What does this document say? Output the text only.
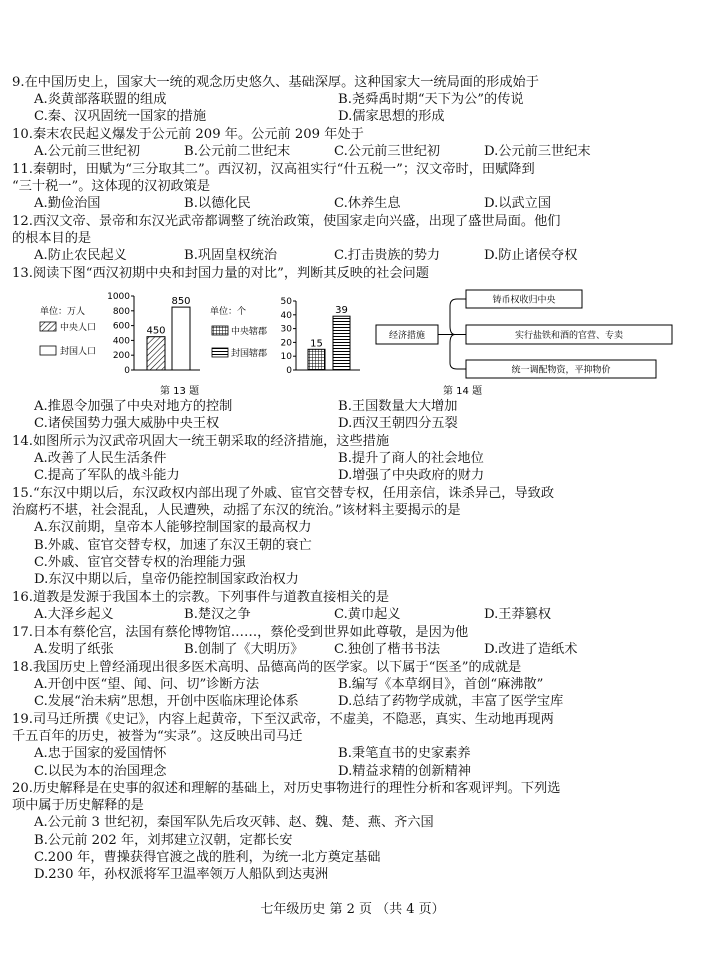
9.在中国历史上，国家大一统的观念历史悠久、基础深厚。这种国家大一统局面的形成始于
A.炎黄部落联盟的组成	B.尧舜禹时期“天下为公”的传说
C.秦、汉巩固统一国家的措施	D.儒家思想的形成
10.秦末农民起义爆发于公元前 209 年。公元前 209 年处于
A.公元前三世纪初	B.公元前二世纪末	C.公元前三世纪初	D.公元前三世纪末
11.秦朝时，田赋为“三分取其二”。西汉初，汉高祖实行“什五税一”；汉文帝时，田赋降到
“三十税一”。这体现的汉初政策是
A.勤俭治国	B.以德化民	C.休养生息	D.以武立国
12.西汉文帝、景帝和东汉光武帝都调整了统治政策，使国家走向兴盛，出现了盛世局面。他们
的根本目的是
A.防止农民起义	B.巩固皇权统治	C.打击贵族的势力	D.防止诸侯夺权
13.阅读下图“西汉初期中央和封国力量的对比”，判断其反映的社会问题
单位：万人
中央人口
封国人口
0
200
400
600
800
1000
450
850
单位：个
中央辖郡
封国辖郡
0
10
20
30
40
50
15
39
第 13 题
经济措施
铸币权收归中央
实行盐铁和酒的官营、专卖
统一调配物资，平抑物价
第 14 题
A.推恩令加强了中央对地方的控制	B.王国数量大大增加
C.诸侯国势力强大威胁中央王权	D.西汉王朝四分五裂
14.如图所示为汉武帝巩固大一统王朝采取的经济措施，这些措施
A.改善了人民生活条件	B.提升了商人的社会地位
C.提高了军队的战斗能力	D.增强了中央政府的财力
15.“东汉中期以后，东汉政权内部出现了外戚、宦官交替专权，任用亲信，诛杀异己，导致政
治腐朽不堪，社会混乱，人民遭殃，动摇了东汉的统治。”该材料主要揭示的是
A.东汉前期，皇帝本人能够控制国家的最高权力
B.外戚、宦官交替专权，加速了东汉王朝的衰亡
C.外戚、宦官交替专权的治理能力强
D.东汉中期以后，皇帝仍能控制国家政治权力
16.道教是发源于我国本土的宗教。下列事件与道教直接相关的是
A.大泽乡起义	B.楚汉之争	C.黄巾起义	D.王莽篡权
17.日本有蔡伦宫，法国有蔡伦博物馆……，蔡伦受到世界如此尊敬，是因为他
A.发明了纸张	B.创制了《大明历》	C.独创了楷书书法	D.改进了造纸术
18.我国历史上曾经涌现出很多医术高明、品德高尚的医学家。以下属于“医圣”的成就是
A.开创中医“望、闻、问、切”诊断方法	B.编写《本草纲目》，首创“麻沸散”
C.发展“治未病”思想，开创中医临床理论体系	D.总结了药物学成就，丰富了医学宝库
19.司马迁所撰《史记》，内容上起黄帝，下至汉武帝，不虚美，不隐恶，真实、生动地再现两
千五百年的历史，被誉为“实录”。这反映出司马迁
A.忠于国家的爱国情怀	B.秉笔直书的史家素养
C.以民为本的治国理念	D.精益求精的创新精神
20.历史解释是在史事的叙述和理解的基础上，对历史事物进行的理性分析和客观评判。下列选
项中属于历史解释的是
A.公元前 3 世纪初，秦国军队先后攻灭韩、赵、魏、楚、燕、齐六国
B.公元前 202 年，刘邦建立汉朝，定都长安
C.200 年，曹操获得官渡之战的胜利，为统一北方奠定基础
D.230 年，孙权派将军卫温率领万人船队到达夷洲
七年级历史 第 2 页 （共 4 页）
